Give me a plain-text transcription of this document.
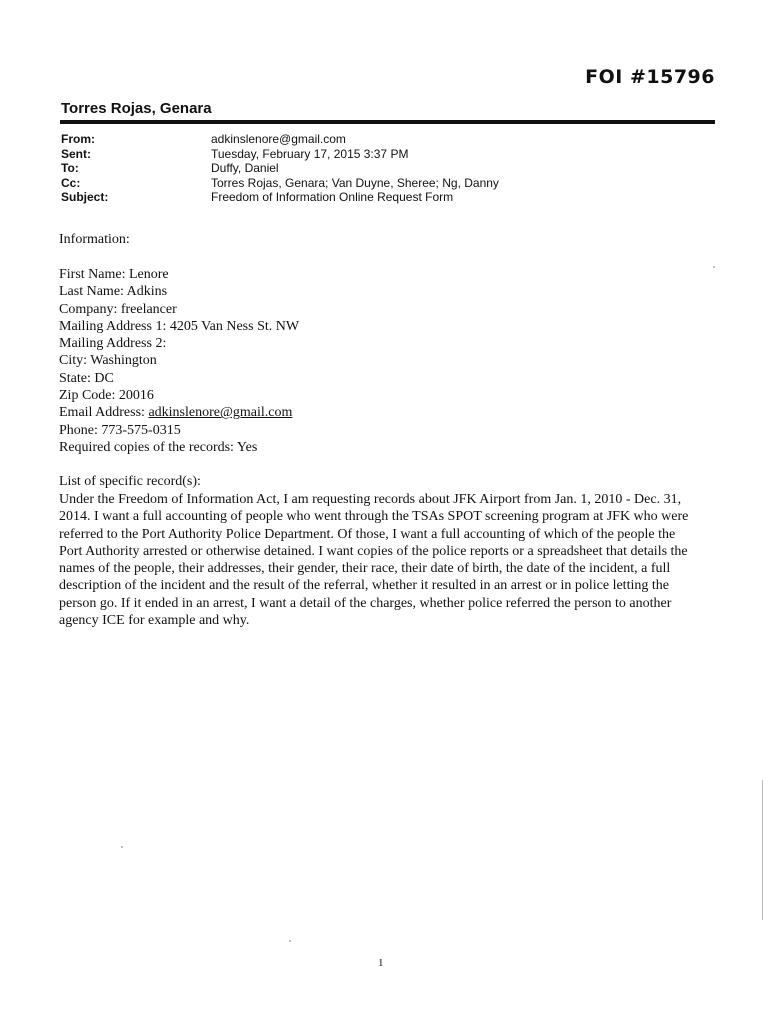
FOI #15796
Torres Rojas, Genara
From:	adkinslenore@gmail.com
Sent:	Tuesday, February 17, 2015 3:37 PM
To:	Duffy, Daniel
Cc:	Torres Rojas, Genara; Van Duyne, Sheree; Ng, Danny
Subject:	Freedom of Information Online Request Form
Information:
First Name: Lenore
Last Name: Adkins
Company: freelancer
Mailing Address 1: 4205 Van Ness St. NW
Mailing Address 2:
City: Washington
State: DC
Zip Code: 20016
Email Address: adkinslenore@gmail.com
Phone: 773-575-0315
Required copies of the records: Yes
List of specific record(s):
Under the Freedom of Information Act, I am requesting records about JFK Airport from Jan. 1, 2010 - Dec. 31,
2014. I want a full accounting of people who went through the TSAs SPOT screening program at JFK who were
referred to the Port Authority Police Department. Of those, I want a full accounting of which of the people the
Port Authority arrested or otherwise detained. I want copies of the police reports or a spreadsheet that details the
names of the people, their addresses, their gender, their race, their date of birth, the date of the incident, a full
description of the incident and the result of the referral, whether it resulted in an arrest or in police letting the
person go. If it ended in an arrest, I want a detail of the charges, whether police referred the person to another
agency ICE for example and why.
1
